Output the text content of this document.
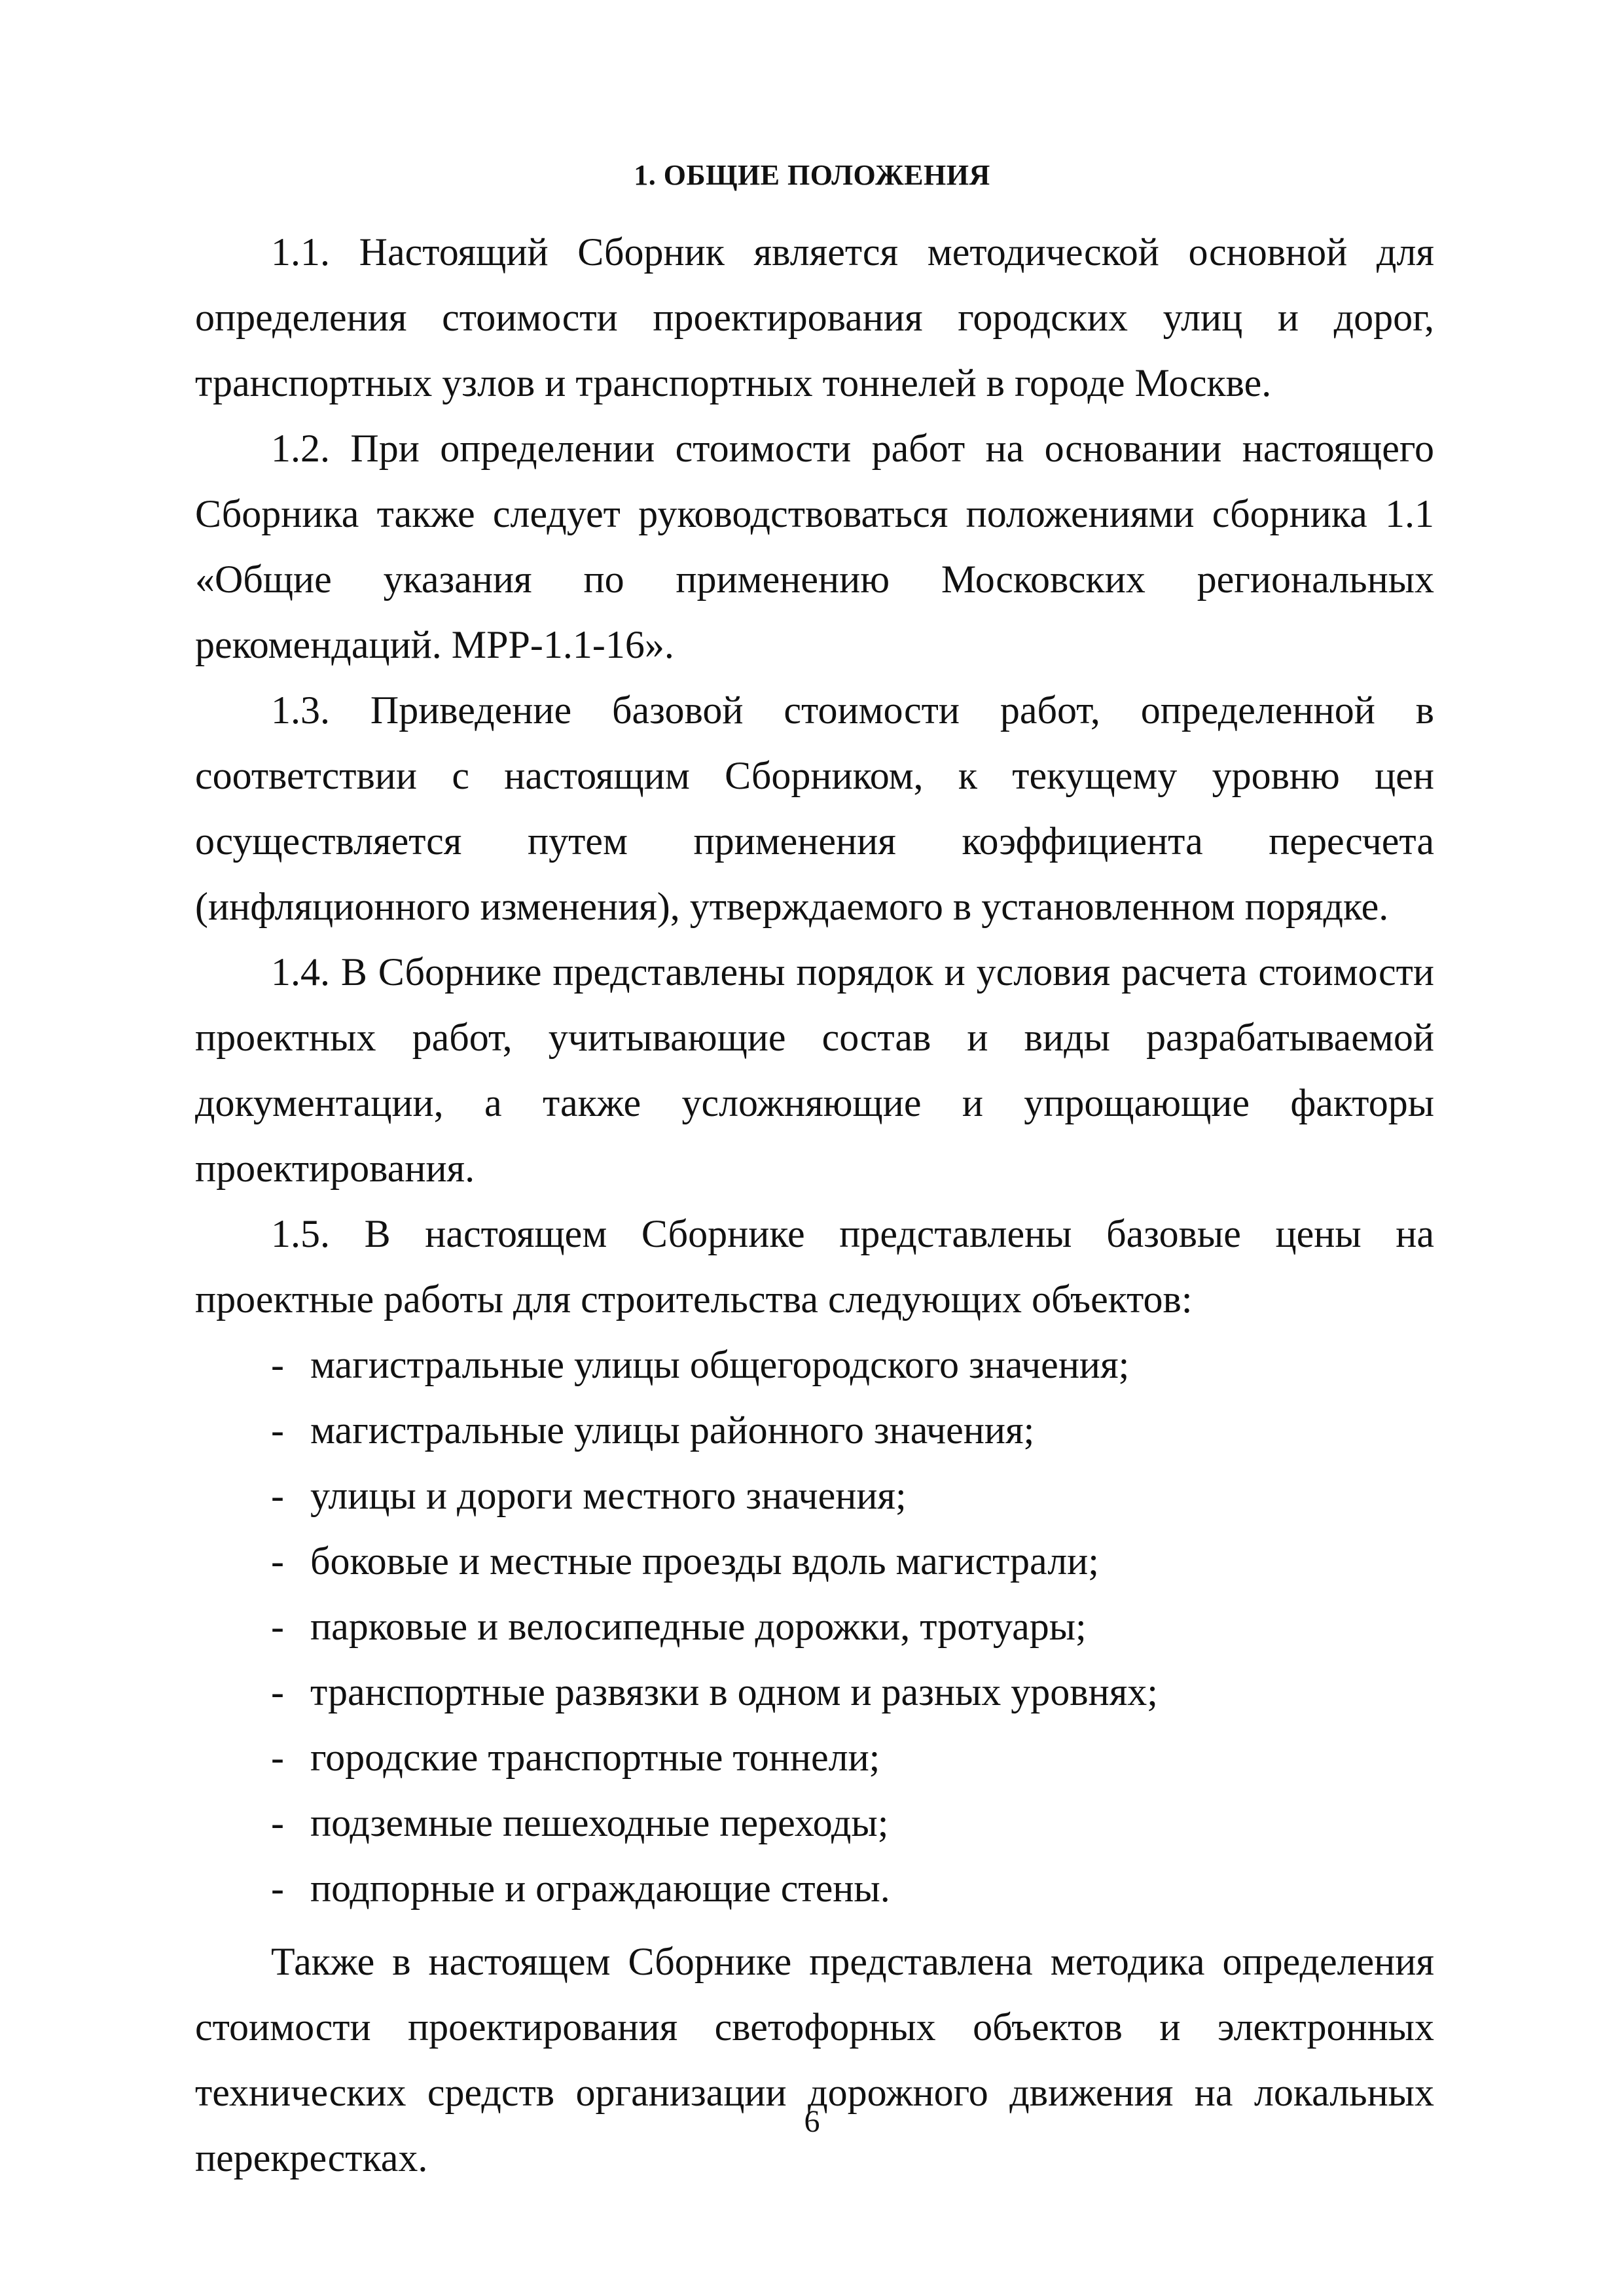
1. ОБЩИЕ ПОЛОЖЕНИЯ

1.1. Настоящий Сборник является методической основной для определения стоимости проектирования городских улиц и дорог, транспортных узлов и транспортных тоннелей в городе Москве.

1.2. При определении стоимости работ на основании настоящего Сборника также следует руководствоваться положениями сборника 1.1 «Общие указания по применению Московских региональных рекомендаций. МРР-1.1-16».

1.3. Приведение базовой стоимости работ, определенной в соответствии с настоящим Сборником, к текущему уровню цен осуществляется путем применения коэффициента пересчета (инфляционного изменения), утверждаемого в установленном порядке.

1.4. В Сборнике представлены порядок и условия расчета стоимости проектных работ, учитывающие состав и виды разрабатываемой документации, а также усложняющие и упрощающие факторы проектирования.

1.5. В настоящем Сборнике представлены базовые цены на проектные работы для строительства следующих объектов:

- магистральные улицы общегородского значения;
- магистральные улицы районного значения;
- улицы и дороги местного значения;
- боковые и местные проезды вдоль магистрали;
- парковые и велосипедные дорожки, тротуары;
- транспортные развязки в одном и разных уровнях;
- городские транспортные тоннели;
- подземные пешеходные переходы;
- подпорные и ограждающие стены.

Также в настоящем Сборнике представлена методика определения стоимости проектирования светофорных объектов и электронных технических средств организации дорожного движения на локальных перекрестках.

6
